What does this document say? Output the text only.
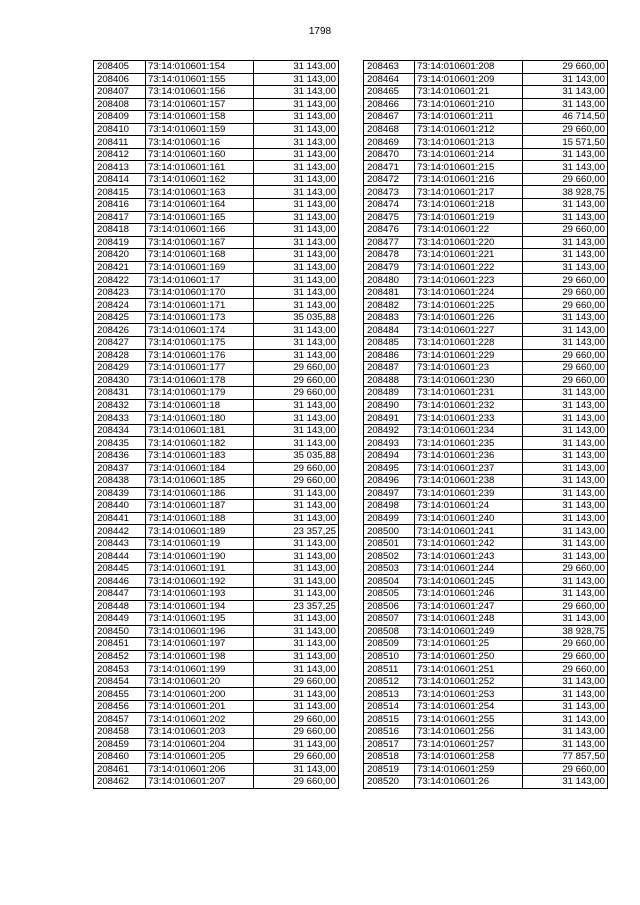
1798
208405	73:14:010601:154	31 143,00
208406	73:14:010601:155	31 143,00
208407	73:14:010601:156	31 143,00
208408	73:14:010601:157	31 143,00
208409	73:14:010601:158	31 143,00
208410	73:14:010601:159	31 143,00
208411	73:14:010601:16	31 143,00
208412	73:14:010601:160	31 143,00
208413	73:14:010601:161	31 143,00
208414	73:14:010601:162	31 143,00
208415	73:14:010601:163	31 143,00
208416	73:14:010601:164	31 143,00
208417	73:14:010601:165	31 143,00
208418	73:14:010601:166	31 143,00
208419	73:14:010601:167	31 143,00
208420	73:14:010601:168	31 143,00
208421	73:14:010601:169	31 143,00
208422	73:14:010601:17	31 143,00
208423	73:14:010601:170	31 143,00
208424	73:14:010601:171	31 143,00
208425	73:14:010601:173	35 035,88
208426	73:14:010601:174	31 143,00
208427	73:14:010601:175	31 143,00
208428	73:14:010601:176	31 143,00
208429	73:14:010601:177	29 660,00
208430	73:14:010601:178	29 660,00
208431	73:14:010601:179	29 660,00
208432	73:14:010601:18	31 143,00
208433	73:14:010601:180	31 143,00
208434	73:14:010601:181	31 143,00
208435	73:14:010601:182	31 143,00
208436	73:14:010601:183	35 035,88
208437	73:14:010601:184	29 660,00
208438	73:14:010601:185	29 660,00
208439	73:14:010601:186	31 143,00
208440	73:14:010601:187	31 143,00
208441	73:14:010601:188	31 143,00
208442	73:14:010601:189	23 357,25
208443	73:14:010601:19	31 143,00
208444	73:14:010601:190	31 143,00
208445	73:14:010601:191	31 143,00
208446	73:14:010601:192	31 143,00
208447	73:14:010601:193	31 143,00
208448	73:14:010601:194	23 357,25
208449	73:14:010601:195	31 143,00
208450	73:14:010601:196	31 143,00
208451	73:14:010601:197	31 143,00
208452	73:14:010601:198	31 143,00
208453	73:14:010601:199	31 143,00
208454	73:14:010601:20	29 660,00
208455	73:14:010601:200	31 143,00
208456	73:14:010601:201	31 143,00
208457	73:14:010601:202	29 660,00
208458	73:14:010601:203	29 660,00
208459	73:14:010601:204	31 143,00
208460	73:14:010601:205	29 660,00
208461	73:14:010601:206	31 143,00
208462	73:14:010601:207	29 660,00
208463	73:14:010601:208	29 660,00
208464	73:14:010601:209	31 143,00
208465	73:14:010601:21	31 143,00
208466	73:14:010601:210	31 143,00
208467	73:14:010601:211	46 714,50
208468	73:14:010601:212	29 660,00
208469	73:14:010601:213	15 571,50
208470	73:14:010601:214	31 143,00
208471	73:14:010601:215	31 143,00
208472	73:14:010601:216	29 660,00
208473	73:14:010601:217	38 928,75
208474	73:14:010601:218	31 143,00
208475	73:14:010601:219	31 143,00
208476	73:14:010601:22	29 660,00
208477	73:14:010601:220	31 143,00
208478	73:14:010601:221	31 143,00
208479	73:14:010601:222	31 143,00
208480	73:14:010601:223	29 660,00
208481	73:14:010601:224	29 660,00
208482	73:14:010601:225	29 660,00
208483	73:14:010601:226	31 143,00
208484	73:14:010601:227	31 143,00
208485	73:14:010601:228	31 143,00
208486	73:14:010601:229	29 660,00
208487	73:14:010601:23	29 660,00
208488	73:14:010601:230	29 660,00
208489	73:14:010601:231	31 143,00
208490	73:14:010601:232	31 143,00
208491	73:14:010601:233	31 143,00
208492	73:14:010601:234	31 143,00
208493	73:14:010601:235	31 143,00
208494	73:14:010601:236	31 143,00
208495	73:14:010601:237	31 143,00
208496	73:14:010601:238	31 143,00
208497	73:14:010601:239	31 143,00
208498	73:14:010601:24	31 143,00
208499	73:14:010601:240	31 143,00
208500	73:14:010601:241	31 143,00
208501	73:14:010601:242	31 143,00
208502	73:14:010601:243	31 143,00
208503	73:14:010601:244	29 660,00
208504	73:14:010601:245	31 143,00
208505	73:14:010601:246	31 143,00
208506	73:14:010601:247	29 660,00
208507	73:14:010601:248	31 143,00
208508	73:14:010601:249	38 928,75
208509	73:14:010601:25	29 660,00
208510	73:14:010601:250	29 660,00
208511	73:14:010601:251	29 660,00
208512	73:14:010601:252	31 143,00
208513	73:14:010601:253	31 143,00
208514	73:14:010601:254	31 143,00
208515	73:14:010601:255	31 143,00
208516	73:14:010601:256	31 143,00
208517	73:14:010601:257	31 143,00
208518	73:14:010601:258	77 857,50
208519	73:14:010601:259	29 660,00
208520	73:14:010601:26	31 143,00
